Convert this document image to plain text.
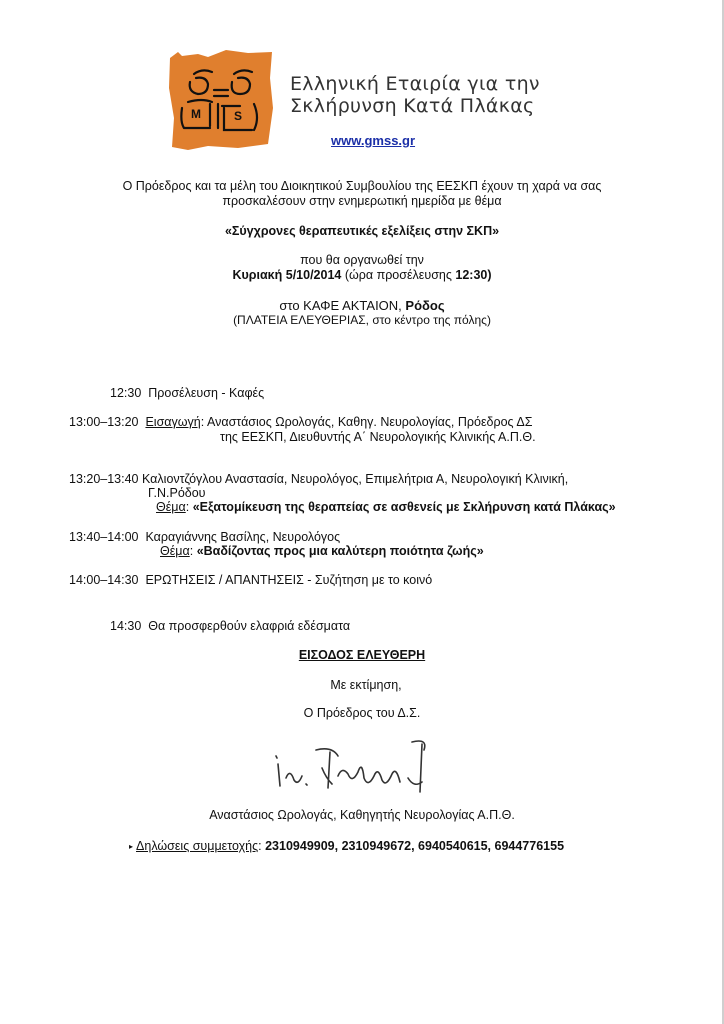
M	S
Ελληνική Εταιρία για την
Σκλήρυνση Κατά Πλάκας
www.gmss.gr
Ο Πρόεδρος και τα μέλη του Διοικητικού Συμβουλίου της ΕΕΣΚΠ έχουν τη χαρά να σας
προσκαλέσουν στην ενημερωτική ημερίδα με θέμα
«Σύγχρονες θεραπευτικές εξελίξεις στην ΣΚΠ»
που θα οργανωθεί την
Κυριακή 5/10/2014 (ώρα προσέλευσης 12:30)
στο ΚΑΦΕ ΑΚΤΑΙΟΝ, Ρόδος
(ΠΛΑΤΕΙΑ ΕΛΕΥΘΕΡΙΑΣ, στο κέντρο της πόλης)
12:30 Προσέλευση - Καφές
13:00–13:20 Εισαγωγή: Αναστάσιος Ωρολογάς, Καθηγ. Νευρολογίας, Πρόεδρος ΔΣ
της ΕΕΣΚΠ, Διευθυντής Α΄ Νευρολογικής Κλινικής Α.Π.Θ.
13:20–13:40 Καλιοντζόγλου Αναστασία, Νευρολόγος, Επιμελήτρια Α, Νευρολογική Κλινική,
Γ.Ν.Ρόδου
Θέμα: «Εξατομίκευση της θεραπείας σε ασθενείς με Σκλήρυνση κατά Πλάκας»
13:40–14:00 Καραγιάννης Βασίλης, Νευρολόγος
Θέμα: «Βαδίζοντας προς μια καλύτερη ποιότητα ζωής»
14:00–14:30 ΕΡΩΤΗΣΕΙΣ / ΑΠΑΝΤΗΣΕΙΣ - Συζήτηση με το κοινό
14:30 Θα προσφερθούν ελαφριά εδέσματα
ΕΙΣΟΔΟΣ ΕΛΕΥΘΕΡΗ
Με εκτίμηση,
Ο Πρόεδρος του Δ.Σ.
Αναστάσιος Ωρολογάς, Καθηγητής Νευρολογίας Α.Π.Θ.
▸ Δηλώσεις συμμετοχής: 2310949909, 2310949672, 6940540615, 6944776155
